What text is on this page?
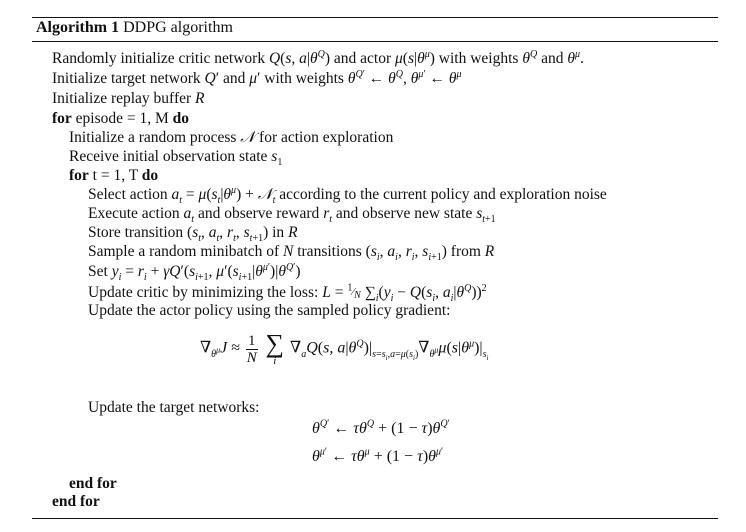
Algorithm 1 DDPG algorithm
Randomly initialize critic network Q(s, $a|\theta^Q$) and actor $\mu(s|\theta^\mu)$ with weights $\theta^Q$ and $\theta^\mu$.
Initialize target network Q′ and μ′ with weights $\theta^{Q'}$ ← $\theta^Q$, $\theta^{\mu'}$ ← $\theta^\mu$
Initialize replay buffer R
for episode = 1, M do
Initialize a random process 𝒩 for action exploration
Receive initial observation state $s_1$
for t = 1, T do
Select action $a_t = \mu(s_t|\theta^\mu)$ + 𝒩$_t$ according to the current policy and exploration noise
Execute action $a_t$ and observe reward $r_t$ and observe new state $s_{t+1}$
Store transition ($s_t$, $a_t$, $r_t$, $s_{t+1}$) in R
Sample a random minibatch of N transitions ($s_i$, $a_i$, $r_i$, $s_{i+1}$) from R
Set $y_i = r_i + \gamma Q'(s_{i+1}$, $\mu'(s_{i+1}|\theta^{\mu'})|\theta^{Q'}$)
Update critic by minimizing the loss: $L = ^1⁄_N$ $\sum_i(y_i - Q(s_i$, $a_i|\theta^Q))^2$
Update the actor policy using the sampled policy gradient:
$\nabla_{\theta^\mu}J \approx \frac{1}{N}$
∑
i
$\nabla_aQ(s$, $a|\theta^Q)|_{s=s_i,a=\mu(s_i)}\nabla_{\theta^\mu}\mu(s|\theta^\mu)|_{s_i}$
Update the target networks:
$\theta^{Q'}$ ← $\tau\theta^Q + (1 - \tau)\theta^{Q'}$
$\theta^{\mu'}$ ← $\tau\theta^\mu + (1 - \tau)\theta^{\mu'}$
end for
end for
